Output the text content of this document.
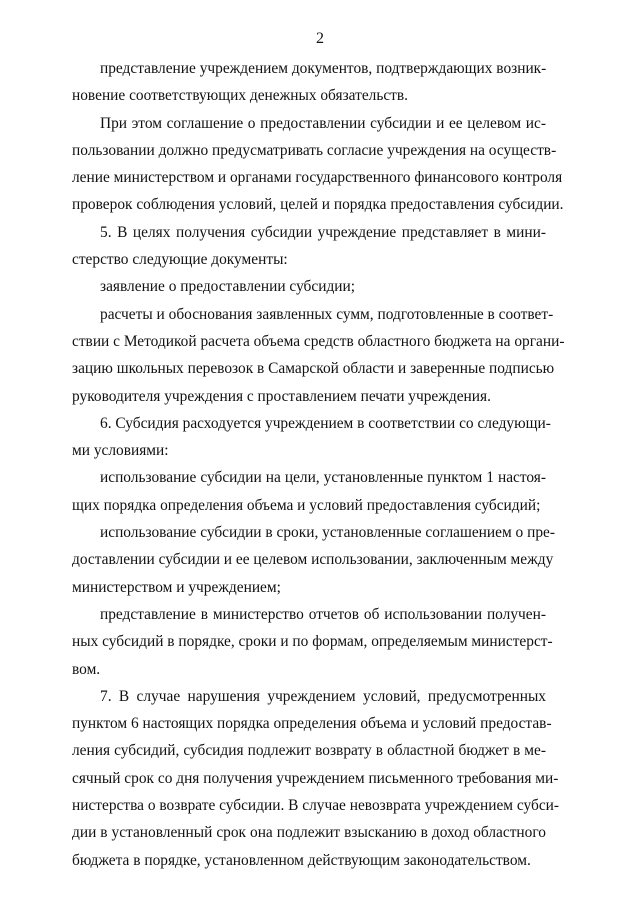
2
представление учреждением документов, подтверждающих возник-
новение соответствующих денежных обязательств.
При этом соглашение о предоставлении субсидии и ее целевом ис-
пользовании должно предусматривать согласие учреждения на осуществ-
ление министерством и органами государственного финансового контроля
проверок соблюдения условий, целей и порядка предоставления субсидии.
5. В целях получения субсидии учреждение представляет в мини-
стерство следующие документы:
заявление о предоставлении субсидии;
расчеты и обоснования заявленных сумм, подготовленные в соответ-
ствии с Методикой расчета объема средств областного бюджета на органи-
зацию школьных перевозок в Самарской области и заверенные подписью
руководителя учреждения с проставлением печати учреждения.
6. Субсидия расходуется учреждением в соответствии со следующи-
ми условиями:
использование субсидии на цели, установленные пунктом 1 настоя-
щих порядка определения объема и условий предоставления субсидий;
использование субсидии в сроки, установленные соглашением о пре-
доставлении субсидии и ее целевом использовании, заключенным между
министерством и учреждением;
представление в министерство отчетов об использовании получен-
ных субсидий в порядке, сроки и по формам, определяемым министерст-
вом.
7. В случае нарушения учреждением условий, предусмотренных
пунктом 6 настоящих порядка определения объема и условий предостав-
ления субсидий, субсидия подлежит возврату в областной бюджет в ме-
сячный срок со дня получения учреждением письменного требования ми-
нистерства о возврате субсидии. В случае невозврата учреждением субси-
дии в установленный срок она подлежит взысканию в доход областного
бюджета в порядке, установленном действующим законодательством.
